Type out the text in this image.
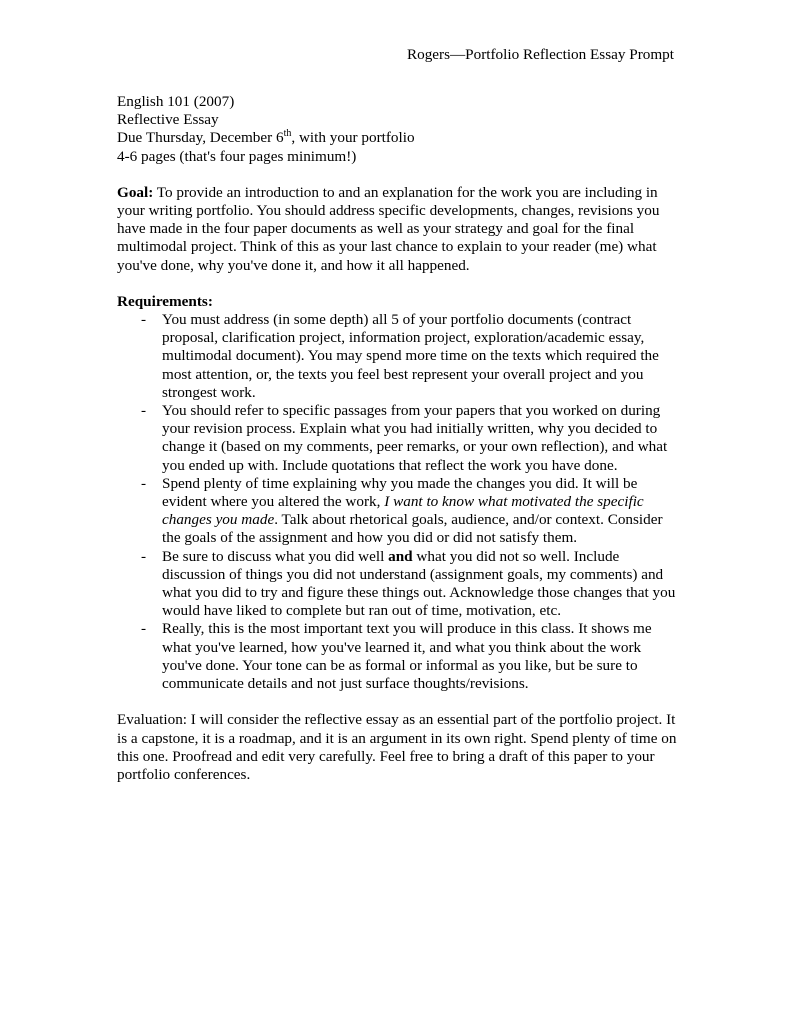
Rogers—Portfolio Reflection Essay Prompt
English 101 (2007)
Reflective Essay
Due Thursday, December 6th, with your portfolio
4-6 pages (that's four pages minimum!)

Goal: To provide an introduction to and an explanation for the work you are including in your writing portfolio. You should address specific developments, changes, revisions you have made in the four paper documents as well as your strategy and goal for the final multimodal project. Think of this as your last chance to explain to your reader (me) what you've done, why you've done it, and how it all happened.

Requirements:
- You must address (in some depth) all 5 of your portfolio documents (contract proposal, clarification project, information project, exploration/academic essay, multimodal document). You may spend more time on the texts which required the most attention, or, the texts you feel best represent your overall project and you strongest work.
- You should refer to specific passages from your papers that you worked on during your revision process. Explain what you had initially written, why you decided to change it (based on my comments, peer remarks, or your own reflection), and what you ended up with. Include quotations that reflect the work you have done.
- Spend plenty of time explaining why you made the changes you did. It will be evident where you altered the work, I want to know what motivated the specific changes you made. Talk about rhetorical goals, audience, and/or context. Consider the goals of the assignment and how you did or did not satisfy them.
- Be sure to discuss what you did well and what you did not so well. Include discussion of things you did not understand (assignment goals, my comments) and what you did to try and figure these things out. Acknowledge those changes that you would have liked to complete but ran out of time, motivation, etc.
- Really, this is the most important text you will produce in this class. It shows me what you've learned, how you've learned it, and what you think about the work you've done. Your tone can be as formal or informal as you like, but be sure to communicate details and not just surface thoughts/revisions.

Evaluation: I will consider the reflective essay as an essential part of the portfolio project. It is a capstone, it is a roadmap, and it is an argument in its own right. Spend plenty of time on this one. Proofread and edit very carefully. Feel free to bring a draft of this paper to your portfolio conferences.
